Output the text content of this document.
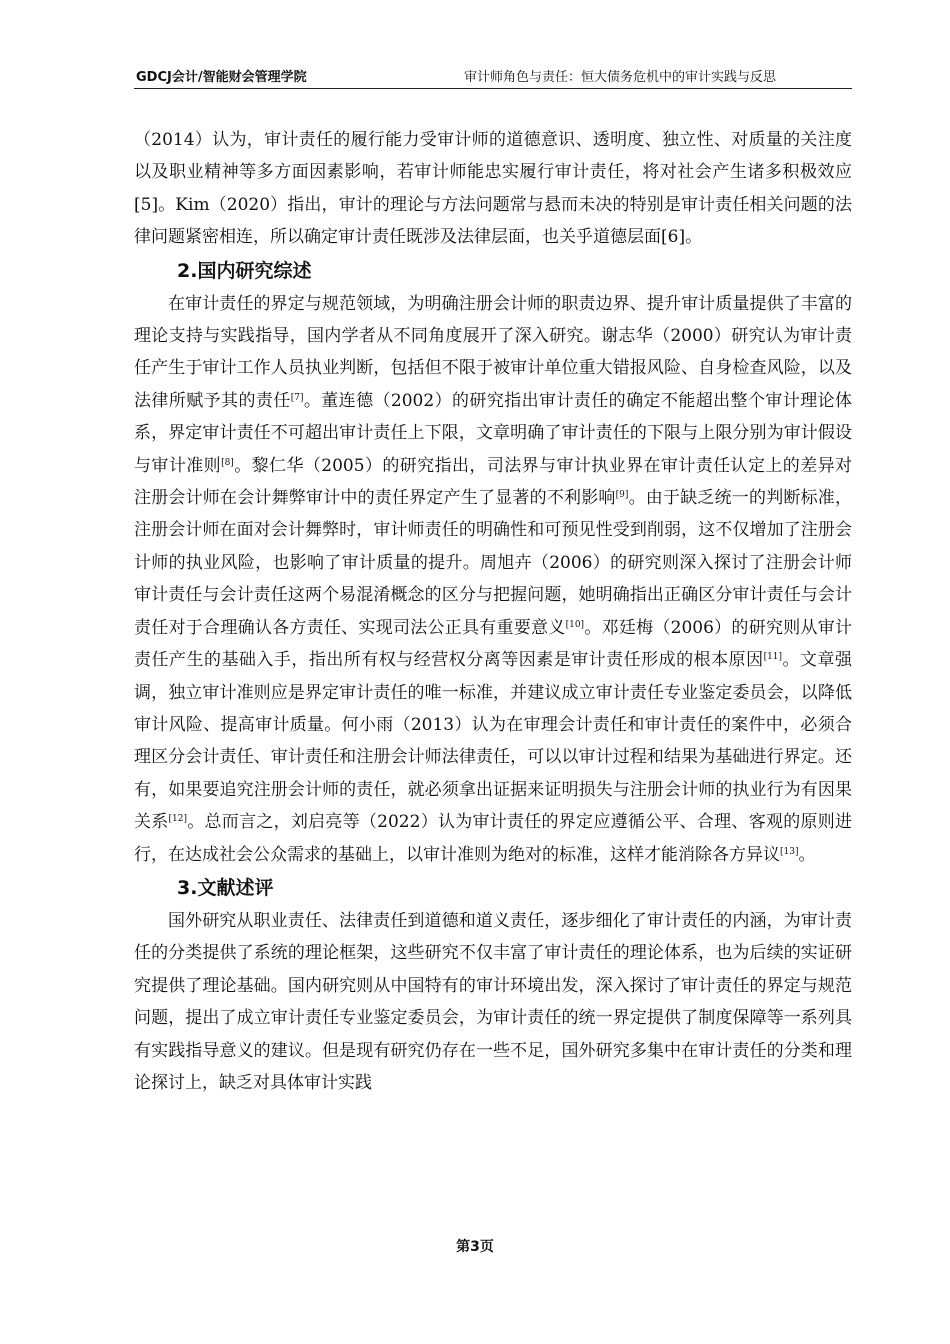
GDCJ会计/智能财会管理学院	审计师角色与责任：恒大债务危机中的审计实践与反思

（2014）认为，审计责任的履行能力受审计师的道德意识、透明度、独立性、对质量的关注度以及职业精神等多方面因素影响，若审计师能忠实履行审计责任，将对社会产生诸多积极效应[5]。Kim（2020）指出，审计的理论与方法问题常与悬而未决的特别是审计责任相关问题的法律问题紧密相连，所以确定审计责任既涉及法律层面，也关乎道德层面[6]。

2.国内研究综述

在审计责任的界定与规范领域，为明确注册会计师的职责边界、提升审计质量提供了丰富的理论支持与实践指导，国内学者从不同角度展开了深入研究。谢志华（2000）研究认为审计责任产生于审计工作人员执业判断，包括但不限于被审计单位重大错报风险、自身检查风险，以及法律所赋予其的责任[7]。董连德（2002）的研究指出审计责任的确定不能超出整个审计理论体系，界定审计责任不可超出审计责任上下限，文章明确了审计责任的下限与上限分别为审计假设与审计准则[8]。黎仁华（2005）的研究指出，司法界与审计执业界在审计责任认定上的差异对注册会计师在会计舞弊审计中的责任界定产生了显著的不利影响[9]。由于缺乏统一的判断标准，注册会计师在面对会计舞弊时，审计师责任的明确性和可预见性受到削弱，这不仅增加了注册会计师的执业风险，也影响了审计质量的提升。周旭卉（2006）的研究则深入探讨了注册会计师审计责任与会计责任这两个易混淆概念的区分与把握问题，她明确指出正确区分审计责任与会计责任对于合理确认各方责任、实现司法公正具有重要意义[10]。邓廷梅（2006）的研究则从审计责任产生的基础入手，指出所有权与经营权分离等因素是审计责任形成的根本原因[11]。文章强调，独立审计准则应是界定审计责任的唯一标准，并建议成立审计责任专业鉴定委员会，以降低审计风险、提高审计质量。何小雨（2013）认为在审理会计责任和审计责任的案件中，必须合理区分会计责任、审计责任和注册会计师法律责任，可以以审计过程和结果为基础进行界定。还有，如果要追究注册会计师的责任，就必须拿出证据来证明损失与注册会计师的执业行为有因果关系[12]。总而言之，刘启亮等（2022）认为审计责任的界定应遵循公平、合理、客观的原则进行，在达成社会公众需求的基础上，以审计准则为绝对的标准，这样才能消除各方异议[13]。

3.文献述评

国外研究从职业责任、法律责任到道德和道义责任，逐步细化了审计责任的内涵，为审计责任的分类提供了系统的理论框架，这些研究不仅丰富了审计责任的理论体系，也为后续的实证研究提供了理论基础。国内研究则从中国特有的审计环境出发，深入探讨了审计责任的界定与规范问题，提出了成立审计责任专业鉴定委员会，为审计责任的统一界定提供了制度保障等一系列具有实践指导意义的建议。但是现有研究仍存在一些不足，国外研究多集中在审计责任的分类和理论探讨上，缺乏对具体审计实践

第3页
